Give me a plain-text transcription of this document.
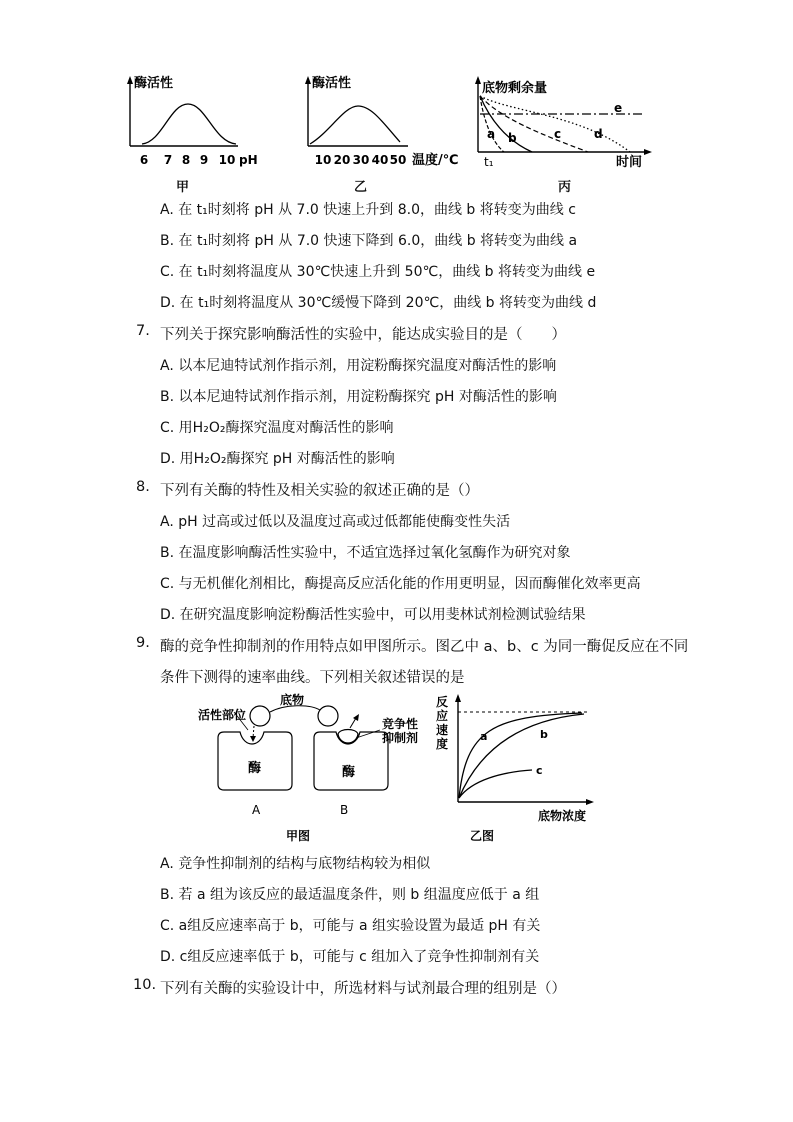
酶活性
6 7 8 9 10 pH
甲
酶活性
10 20 30 40 50 温度/℃
乙
底物剩余量
a b	c	d
e
t₁	时间
丙
A. 在 t₁时刻将 pH 从 7.0 快速上升到 8.0，曲线 b 将转变为曲线 c
B. 在 t₁时刻将 pH 从 7.0 快速下降到 6.0，曲线 b 将转变为曲线 a
C. 在 t₁时刻将温度从 30℃快速上升到 50℃，曲线 b 将转变为曲线 e
D. 在 t₁时刻将温度从 30℃缓慢下降到 20℃，曲线 b 将转变为曲线 d
7. 下列关于探究影响酶活性的实验中，能达成实验目的是（　　）
A. 以本尼迪特试剂作指示剂，用淀粉酶探究温度对酶活性的影响
B. 以本尼迪特试剂作指示剂，用淀粉酶探究 pH 对酶活性的影响
C. 用H₂O₂酶探究温度对酶活性的影响
D. 用H₂O₂酶探究 pH 对酶活性的影响
8. 下列有关酶的特性及相关实验的叙述正确的是（）
A. pH 过高或过低以及温度过高或过低都能使酶变性失活
B. 在温度影响酶活性实验中，不适宜选择过氧化氢酶作为研究对象
C. 与无机催化剂相比，酶提高反应活化能的作用更明显，因而酶催化效率更高
D. 在研究温度影响淀粉酶活性实验中，可以用斐林试剂检测试验结果
9. 酶的竞争性抑制剂的作用特点如甲图所示。图乙中 a、b、c 为同一酶促反应在不同
条件下测得的速率曲线。下列相关叙述错误的是
活性部位
底物
竞争性
抑制剂
酶	酶
A	B
甲图
反
应
速
度
a	b
c
底物浓度
乙图
A. 竞争性抑制剂的结构与底物结构较为相似
B. 若 a 组为该反应的最适温度条件，则 b 组温度应低于 a 组
C. a组反应速率高于 b，可能与 a 组实验设置为最适 pH 有关
D. c组反应速率低于 b，可能与 c 组加入了竞争性抑制剂有关
10. 下列有关酶的实验设计中，所选材料与试剂最合理的组别是（）
